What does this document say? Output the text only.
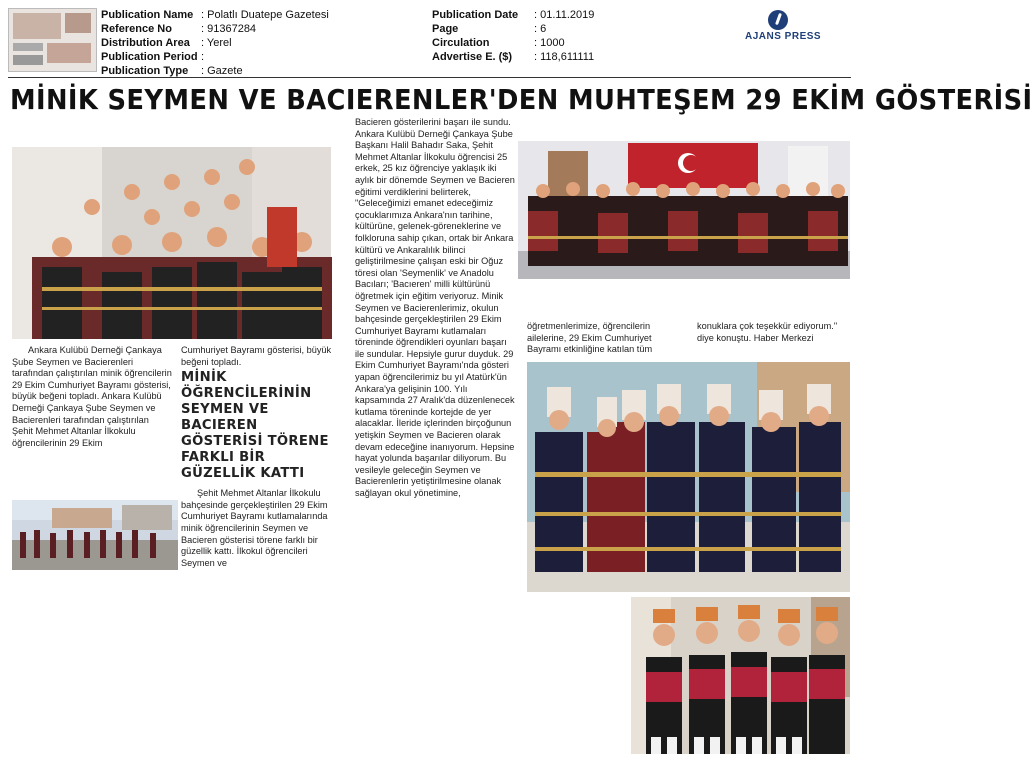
Publication Name : Polatlı Duatepe Gazetesi
Reference No	: 91367284
Distribution Area : Yerel
Publication Period :
Publication Type : Gazete
Publication Date : 01.11.2019
Page	: 6
Circulation	: 1000
Advertise E. ($) : 118,611111
AJANS PRESS
MİNİK SEYMEN VE BACIERENLER'DEN MUHTEŞEM 29 EKİM GÖSTERİSİ

Ankara Kulübü Derneği Çankaya Şube Seymen ve Bacierenleri tarafından çalıştırılan minik öğrencilerin 29 Ekim Cumhuriyet Bayramı gösterisi, büyük beğeni topladı. Ankara Kulübü Derneği Çankaya Şube Seymen ve Bacierenleri tarafından çalıştırılan Şehit Mehmet Altanlar İlkokulu öğrencilerinin 29 Ekim

Cumhuriyet Bayramı gösterisi, büyük beğeni topladı.

MİNİK ÖĞRENCİLERİNİN SEYMEN VE BACIEREN GÖSTERİSİ TÖRENE FARKLI BİR GÜZELLİK KATTI

Şehit Mehmet Altanlar İlkokulu bahçesinde gerçekleştirilen 29 Ekim Cumhuriyet Bayramı kutlamalarında minik öğrencilerinin Seymen ve Bacieren gösterisi törene farklı bir güzellik kattı. İlkokul öğrencileri Seymen ve

Bacieren gösterilerini başarı ile sundu. Ankara Kulübü Derneği Çankaya Şube Başkanı Halil Bahadır Saka, Şehit Mehmet Altanlar İlkokulu öğrencisi 25 erkek, 25 kız öğrenciye yaklaşık iki aylık bir dönemde Seymen ve Bacieren eğitimi verdiklerini belirterek, "Geleceğimizi emanet edeceğimiz çocuklarımıza Ankara'nın tarihine, kültürüne, gelenek-göreneklerine ve folkloruna sahip çıkan, ortak bir Ankara kültürü ve Ankaralılık bilinci geliştirilmesine çalışan eski bir Oğuz töresi olan 'Seymenlik' ve Anadolu Bacıları; 'Bacıeren' milli kültürünü öğretmek için eğitim veriyoruz. Minik Seymen ve Bacierenlerimiz, okulun bahçesinde gerçekleştirilen 29 Ekim Cumhuriyet Bayramı kutlamaları töreninde öğrendikleri oyunları başarı ile sundular. Hepsiyle gurur duyduk. 29 Ekim Cumhuriyet Bayramı'nda gösteri yapan öğrencilerimiz bu yıl Atatürk'ün Ankara'ya gelişinin 100. Yılı kapsamında 27 Aralık'da düzenlenecek kutlama töreninde kortejde de yer alacaklar. İleride içlerinden birçoğunun yetişkin Seymen ve Bacieren olarak devam edeceğine inanıyorum. Hepsine hayat yolunda başarılar diliyorum. Bu vesileyle geleceğin Seymen ve Bacierenlerin yetiştirilmesine olanak sağlayan okul yönetimine,

öğretmenlerimize, öğrencilerin ailelerine, 29 Ekim Cumhuriyet Bayramı etkinliğine katılan tüm

konuklara çok teşekkür ediyorum." diye konuştu. Haber Merkezi
